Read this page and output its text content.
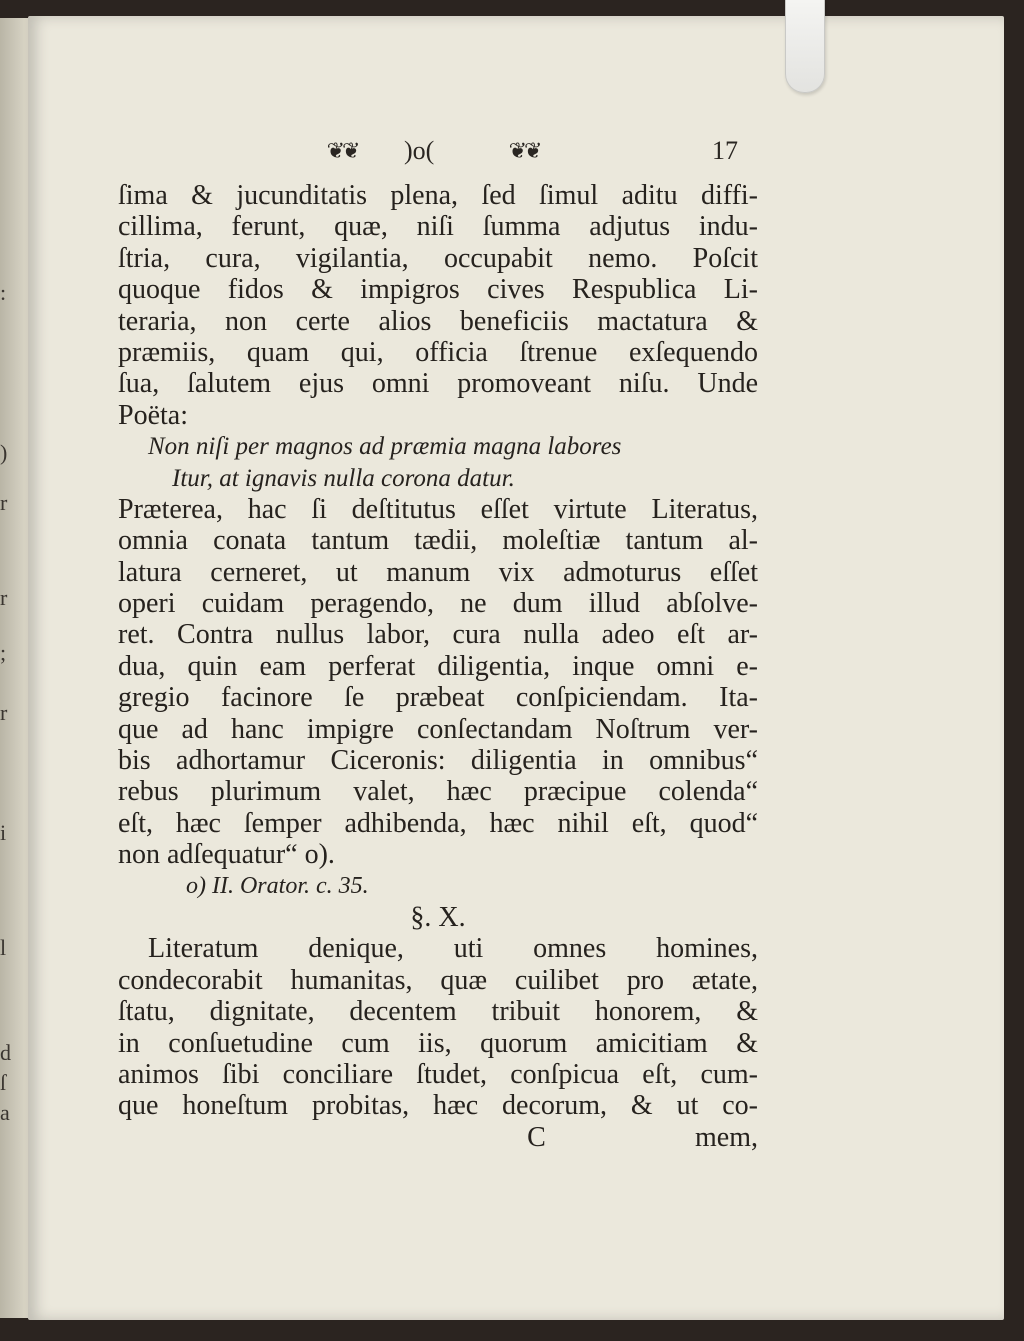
:
)
r
r
;
r
i
l
d
ſ
a
❦❦	)o(	❦❦	17
ſima & jucunditatis plena, ſed ſimul aditu diffi-
cillima, ferunt, quæ, niſi ſumma adjutus indu-
ſtria, cura, vigilantia, occupabit nemo. Poſcit
quoque fidos & impigros cives Respublica Li-
teraria, non certe alios beneficiis mactatura &
præmiis, quam qui, officia ſtrenue exſequendo
ſua, ſalutem ejus omni promoveant niſu. Unde
Poëta:
Non niſi per magnos ad præmia magna labores
Itur, at ignavis nulla corona datur.
Præterea, hac ſi deſtitutus eſſet virtute Literatus,
omnia conata tantum tædii, moleſtiæ tantum al-
latura cerneret, ut manum vix admoturus eſſet
operi cuidam peragendo, ne dum illud abſolve-
ret. Contra nullus labor, cura nulla adeo eſt ar-
dua, quin eam perferat diligentia, inque omni e-
gregio facinore ſe præbeat conſpiciendam. Ita-
que ad hanc impigre conſectandam Noſtrum ver-
bis adhortamur Ciceronis: diligentia in omnibus“
rebus plurimum valet, hæc præcipue colenda“
eſt, hæc ſemper adhibenda, hæc nihil eſt, quod“
non adſequatur“ o).
o) II. Orator. c. 35.
§. X.
Literatum denique, uti omnes homines,
condecorabit humanitas, quæ cuilibet pro ætate,
ſtatu, dignitate, decentem tribuit honorem, &
in conſuetudine cum iis, quorum amicitiam &
animos ſibi conciliare ſtudet, conſpicua eſt, cum-
que honeſtum probitas, hæc decorum, & ut co-
C	mem,
